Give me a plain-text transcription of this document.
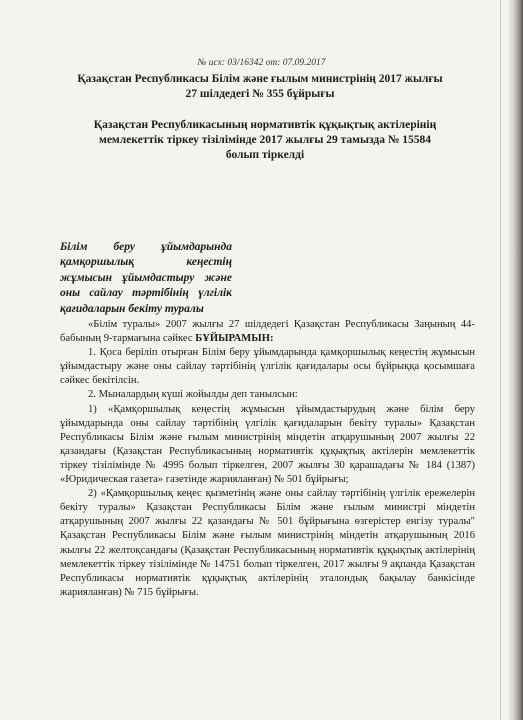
№ исх: 03/16342 от: 07.09.2017
Қазақстан Республикасы Білім және ғылым министрінің 2017 жылғы
27 шілдедегі № 355 бұйрығы
Қазақстан Республикасының нормативтік құқықтық актілерінің
мемлекеттік тіркеу тізілімінде 2017 жылғы 29 тамызда № 15584
болып тіркелді
Білім беру ұйымдарында қамқоршылық кеңестің жұмысын ұйымдастыру және оны сайлау тәртібінің үлгілік қағидаларын бекіту туралы

«Білім туралы» 2007 жылғы 27 шілдедегі Қазақстан Республикасы Заңының 44-бабының 9-тармағына сәйкес БҰЙЫРАМЫН:

1. Қоса беріліп отырған Білім беру ұйымдарында қамқоршылық кеңестің жұмысын ұйымдастыру және оны сайлау тәртібінің үлгілік қағидалары осы бұйрыққа қосымшаға сәйкес бекітілсін.

2. Мыналардың күші жойылды деп танылсын:

1) «Қамқоршылық кеңестің жұмысын ұйымдастырудың және білім беру ұйымдарында оны сайлау тәртібінің үлгілік қағидаларын бекіту туралы» Қазақстан Республикасы Білім және ғылым министрінің міндетін атқарушының 2007 жылғы 22 қазандағы (Қазақстан Республикасының нормативтік құқықтық актілерін мемлекеттік тіркеу тізілімінде № 4995 болып тіркелген, 2007 жылғы 30 қарашадағы № 184 (1387) «Юридическая газета» газетінде жарияланған) № 501 бұйрығы;

2) «Қамқоршылық кеңес қызметінің және оны сайлау тәртібінің үлгілік ережелерін бекіту туралы» Қазақстан Республикасы Білім және ғылым министрі міндетін атқарушының 2007 жылғы 22 қазандағы № 501 бұйрығына өзгерістер енгізу туралы" Қазақстан Республикасы Білім және ғылым министрінің міндетін атқарушының 2016 жылғы 22 желтоқсандағы (Қазақстан Республикасының нормативтік құқықтық актілерінің мемлекеттік тіркеу тізілімінде № 14751 болып тіркелген, 2017 жылғы 9 ақпанда Қазақстан Республикасы нормативтік құқықтық актілерінің эталондық бақылау банкісінде жарияланған) № 715 бұйрығы.
